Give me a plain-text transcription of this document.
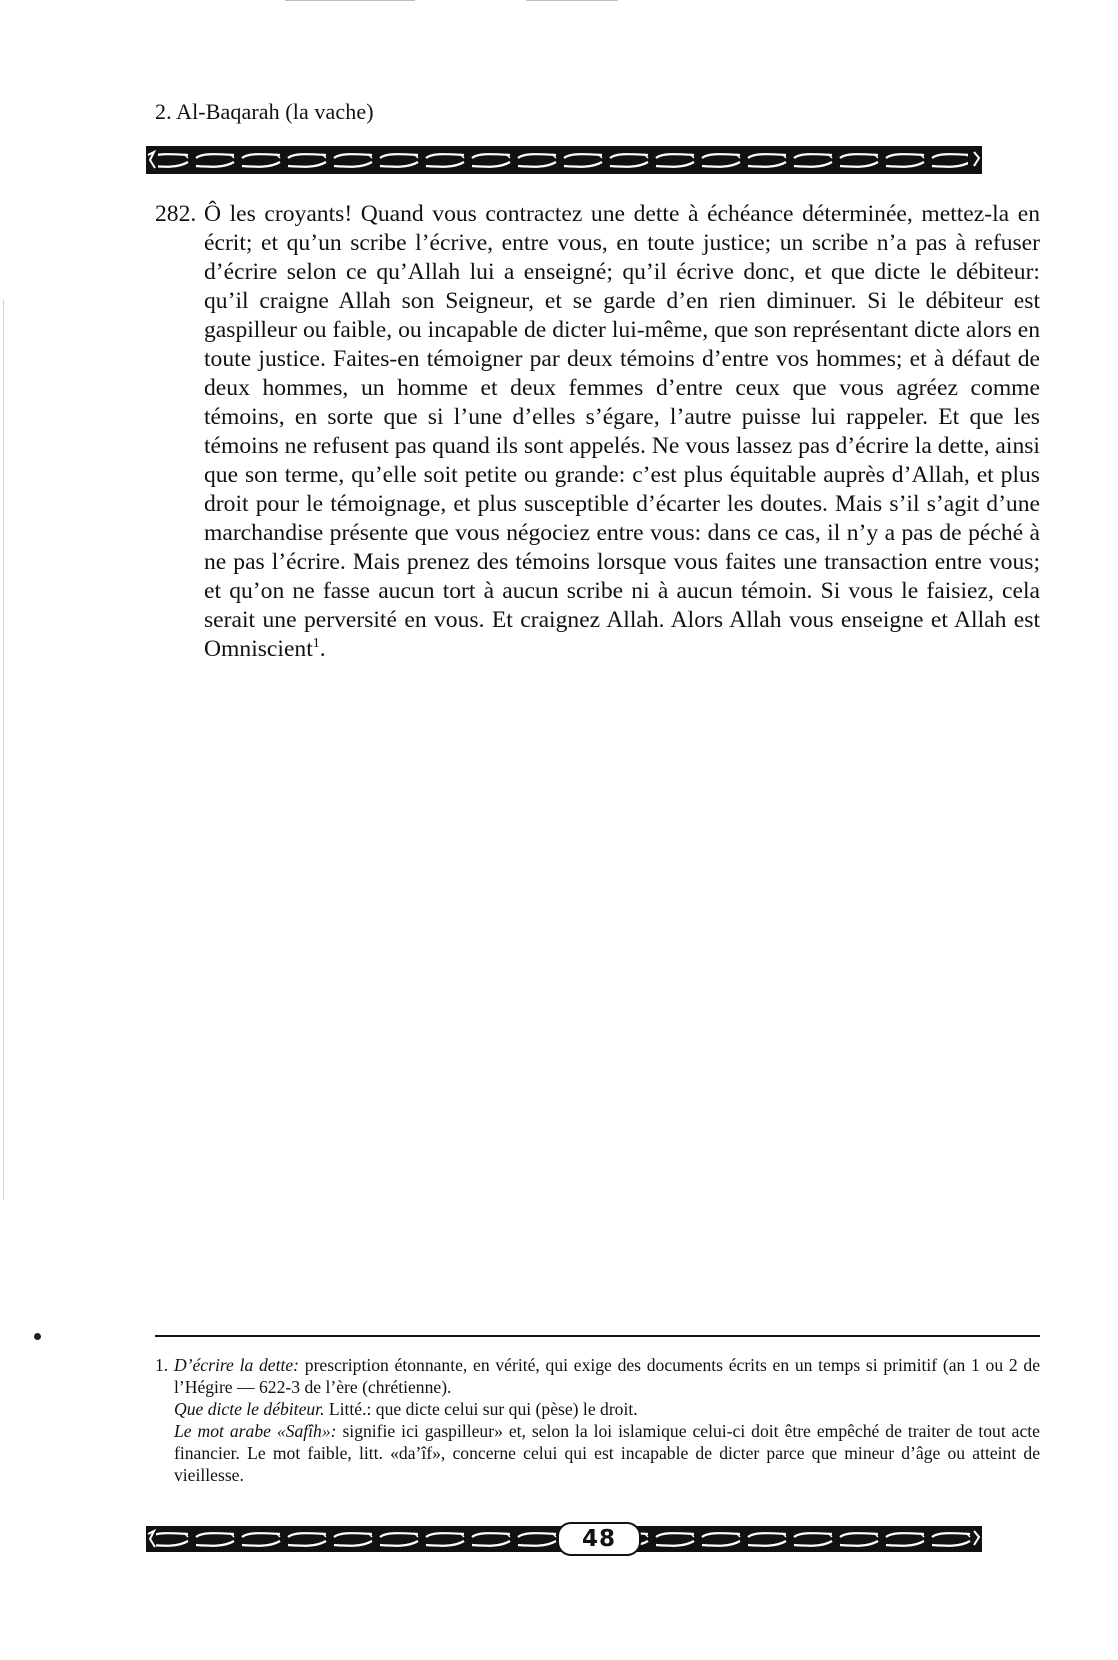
2. Al-Baqarah (la vache)
282. Ô les croyants! Quand vous contractez une dette à échéance déterminée, mettez-la en écrit; et qu’un scribe l’écrive, entre vous, en toute justice; un scribe n’a pas à refuser d’écrire selon ce qu’Allah lui a enseigné; qu’il écrive donc, et que dicte le débiteur: qu’il craigne Allah son Seigneur, et se garde d’en rien diminuer. Si le débiteur est gaspilleur ou faible, ou incapable de dicter lui-même, que son représentant dicte alors en toute justice. Faites-en témoigner par deux témoins d’entre vos hommes; et à défaut de deux hommes, un homme et deux femmes d’entre ceux que vous agréez comme témoins, en sorte que si l’une d’elles s’égare, l’autre puisse lui rappeler. Et que les témoins ne refusent pas quand ils sont appelés. Ne vous lassez pas d’écrire la dette, ainsi que son terme, qu’elle soit petite ou grande: c’est plus équitable auprès d’Allah, et plus droit pour le témoignage, et plus susceptible d’écarter les doutes. Mais s’il s’agit d’une marchandise présente que vous négociez entre vous: dans ce cas, il n’y a pas de péché à ne pas l’écrire. Mais prenez des témoins lorsque vous faites une transaction entre vous; et qu’on ne fasse aucun tort à aucun scribe ni à aucun témoin. Si vous le faisiez, cela serait une perversité en vous. Et craignez Allah. Alors Allah vous enseigne et Allah est Omniscient$^1$.

1. D’écrire la dette: prescription étonnante, en vérité, qui exige des documents écrits en un temps si primitif (an 1 ou 2 de l’Hégire — 622-3 de l’ère (chrétienne).

Que dicte le débiteur. Litté.: que dicte celui sur qui (pèse) le droit.

Le mot arabe «Safîh»: signifie ici gaspilleur» et, selon la loi islamique celui-ci doit être empêché de traiter de tout acte financier. Le mot faible, litt. «da’îf», concerne celui qui est incapable de dicter parce que mineur d’âge ou atteint de vieillesse.

48
